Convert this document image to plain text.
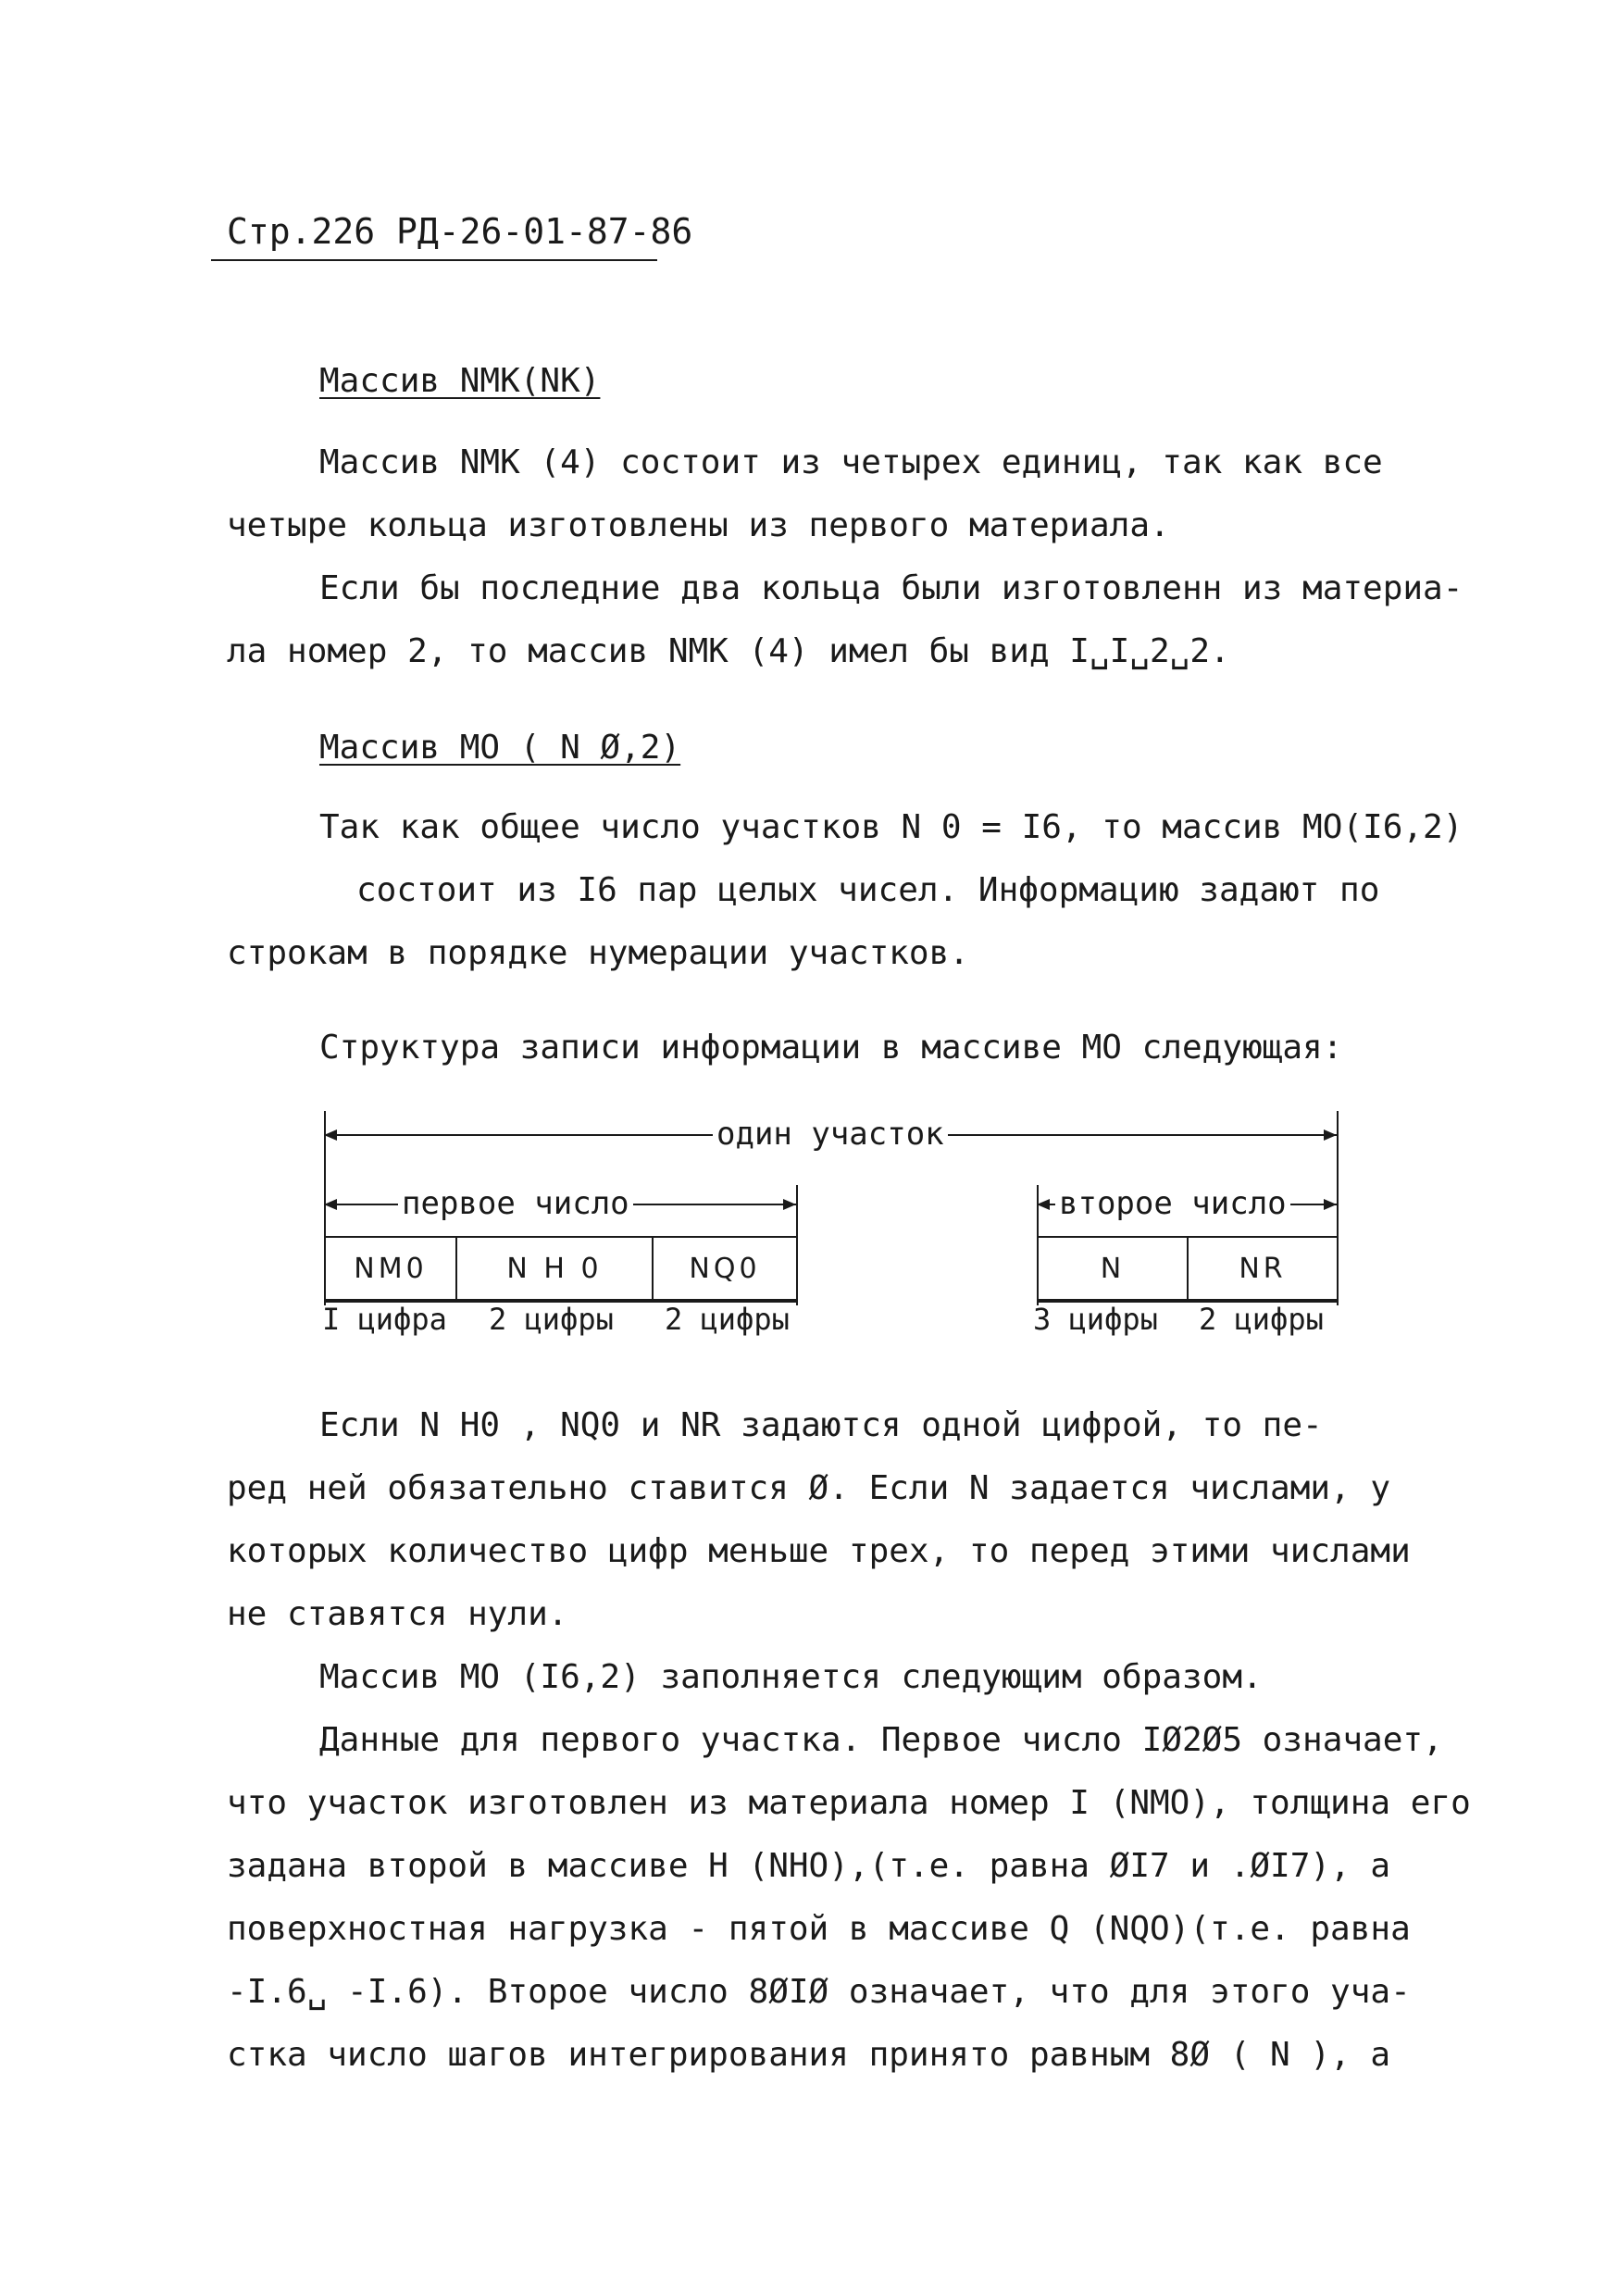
Стр.226 РД-26-01-87-86
Массив NMK(NK)
Массив NMK (4) состоит из четырех единиц, так как все
четыре кольца изготовлены из первого материала.
Если бы последние два кольца были изготовленн из материа-
ла номер 2, то массив NMK (4) имел бы вид I␣I␣2␣2.
Массив МО ( N Ø,2)
Так как общее число участков N 0 = I6, то массив МО(I6,2)
состоит из I6 пар целых чисел. Информацию задают по
строкам в порядке нумерации участков.
Структура записи информации в массиве МО следующая:
один участок
первое число	второе число
NM0	N H 0	NQ0	N	NR
I цифра 2 цифры 2 цифры	3 цифры 2 цифры
Если N H0 , NQ0 и NR задаются одной цифрой, то пе-
ред ней обязательно ставится Ø. Если N задается числами, у
которых количество цифр меньше трех, то перед этими числами
не ставятся нули.
Массив МО (I6,2) заполняется следующим образом.
Данные для первого участка. Первое число IØ2Ø5 означает,
что участок изготовлен из материала номер I (NMO), толщина его
задана второй в массиве H (NHO),(т.е. равна ØI7 и .ØI7), а
поверхностная нагрузка - пятой в массиве Q (NQO)(т.е. равна
-I.6␣ -I.6). Второе число 8ØIØ означает, что для этого уча-
стка число шагов интегрирования принято равным 8Ø ( N ), а
